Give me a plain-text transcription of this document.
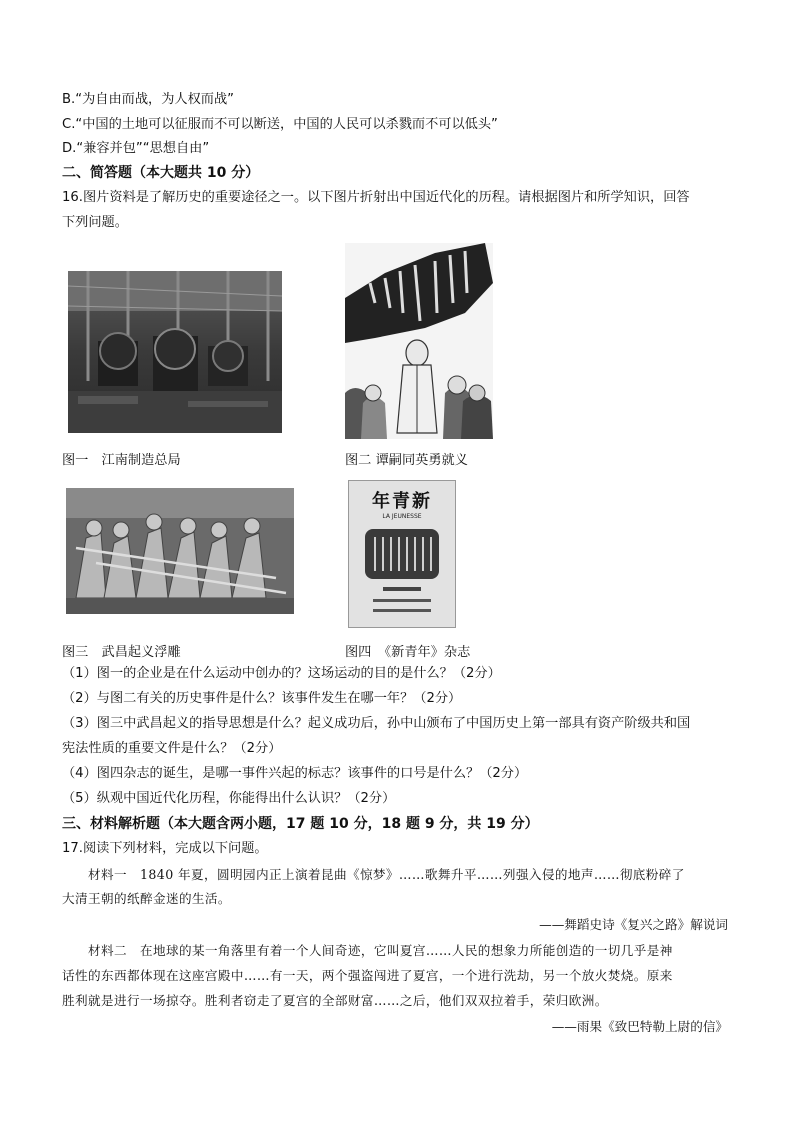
B.“为自由而战，为人权而战”
C.“中国的土地可以征服而不可以断送，中国的人民可以杀戮而不可以低头”
D.“兼容并包”“思想自由”
二、简答题（本大题共 10 分）
16.图片资料是了解历史的重要途径之一。以下图片折射出中国近代化的历程。请根据图片和所学知识，回答
下列问题。
图一　江南制造总局	图二 谭嗣同英勇就义
年青新
LA JEUNESSE
图三　武昌起义浮雕	图四　《新青年》杂志
（1）图一的企业是在什么运动中创办的？这场运动的目的是什么？（2分）
（2）与图二有关的历史事件是什么？该事件发生在哪一年？（2分）
（3）图三中武昌起义的指导思想是什么？起义成功后，孙中山颁布了中国历史上第一部具有资产阶级共和国
宪法性质的重要文件是什么？（2分）
（4）图四杂志的诞生，是哪一事件兴起的标志？该事件的口号是什么？（2分）
（5）纵观中国近代化历程，你能得出什么认识？（2分）
三、材料解析题（本大题含两小题，17 题 10 分，18 题 9 分，共 19 分）
17.阅读下列材料，完成以下问题。
材料一　1840 年夏，圆明园内正上演着昆曲《惊梦》……歌舞升平……列强入侵的地声……彻底粉碎了
大清王朝的纸醉金迷的生活。
——舞蹈史诗《复兴之路》解说词
材料二　在地球的某一角落里有着一个人间奇迹，它叫夏宫……人民的想象力所能创造的一切几乎是神
话性的东西都体现在这座宫殿中……有一天，两个强盗闯进了夏宫，一个进行洗劫，另一个放火焚烧。原来
胜利就是进行一场掠夺。胜利者窃走了夏宫的全部财富……之后，他们双双拉着手，荣归欧洲。
——雨果《致巴特勒上尉的信》
